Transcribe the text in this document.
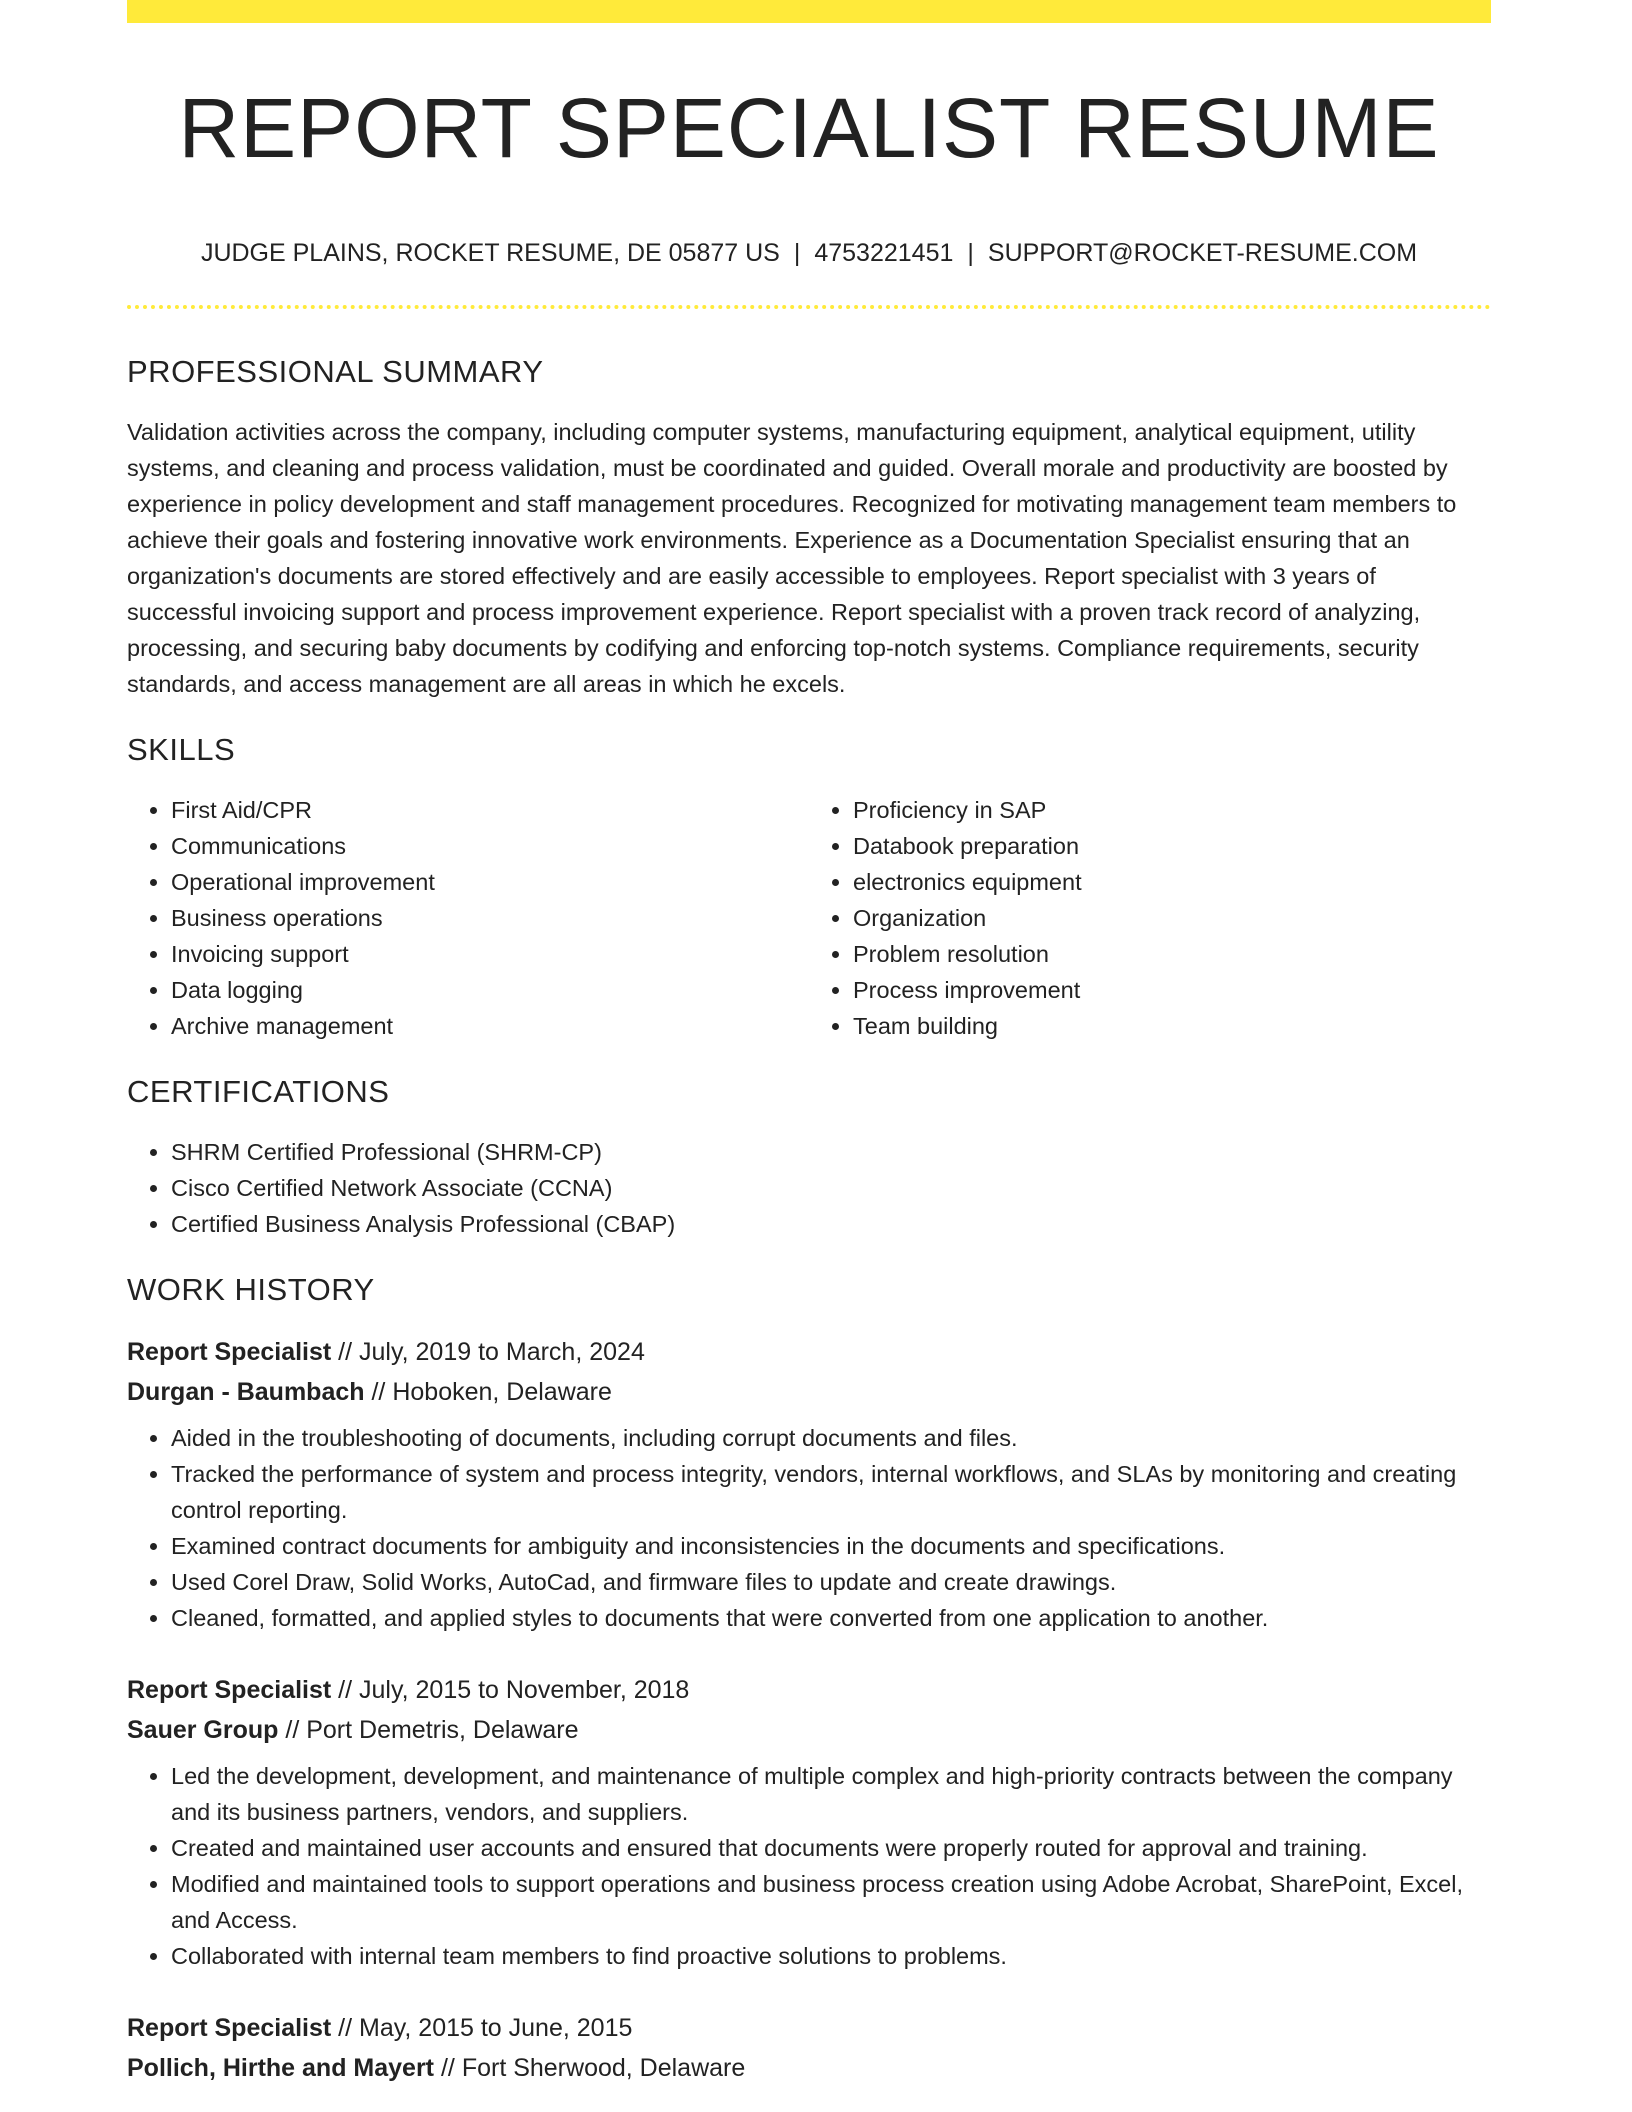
REPORT SPECIALIST RESUME
JUDGE PLAINS, ROCKET RESUME, DE 05877 US | 4753221451 | SUPPORT@ROCKET-RESUME.COM
PROFESSIONAL SUMMARY

Validation activities across the company, including computer systems, manufacturing equipment, analytical equipment, utility systems, and cleaning and process validation, must be coordinated and guided. Overall morale and productivity are boosted by experience in policy development and staff management procedures. Recognized for motivating management team members to achieve their goals and fostering innovative work environments. Experience as a Documentation Specialist ensuring that an organization's documents are stored effectively and are easily accessible to employees. Report specialist with 3 years of successful invoicing support and process improvement experience. Report specialist with a proven track record of analyzing, processing, and securing baby documents by codifying and enforcing top-notch systems. Compliance requirements, security standards, and access management are all areas in which he excels.

SKILLS
• First Aid/CPR
• Communications
• Operational improvement
• Business operations
• Invoicing support
• Data logging
• Archive management
• Proficiency in SAP
• Databook preparation
• electronics equipment
• Organization
• Problem resolution
• Process improvement
• Team building
CERTIFICATIONS
• SHRM Certified Professional (SHRM-CP)
• Cisco Certified Network Associate (CCNA)
• Certified Business Analysis Professional (CBAP)
WORK HISTORY
Report Specialist // July, 2019 to March, 2024
Durgan - Baumbach // Hoboken, Delaware
• Aided in the troubleshooting of documents, including corrupt documents and files.
• Tracked the performance of system and process integrity, vendors, internal workflows, and SLAs by monitoring and creating control reporting.
• Examined contract documents for ambiguity and inconsistencies in the documents and specifications.
• Used Corel Draw, Solid Works, AutoCad, and firmware files to update and create drawings.
• Cleaned, formatted, and applied styles to documents that were converted from one application to another.
Report Specialist // July, 2015 to November, 2018
Sauer Group // Port Demetris, Delaware
• Led the development, development, and maintenance of multiple complex and high-priority contracts between the company and its business partners, vendors, and suppliers.
• Created and maintained user accounts and ensured that documents were properly routed for approval and training.
• Modified and maintained tools to support operations and business process creation using Adobe Acrobat, SharePoint, Excel, and Access.
• Collaborated with internal team members to find proactive solutions to problems.
Report Specialist // May, 2015 to June, 2015
Pollich, Hirthe and Mayert // Fort Sherwood, Delaware
